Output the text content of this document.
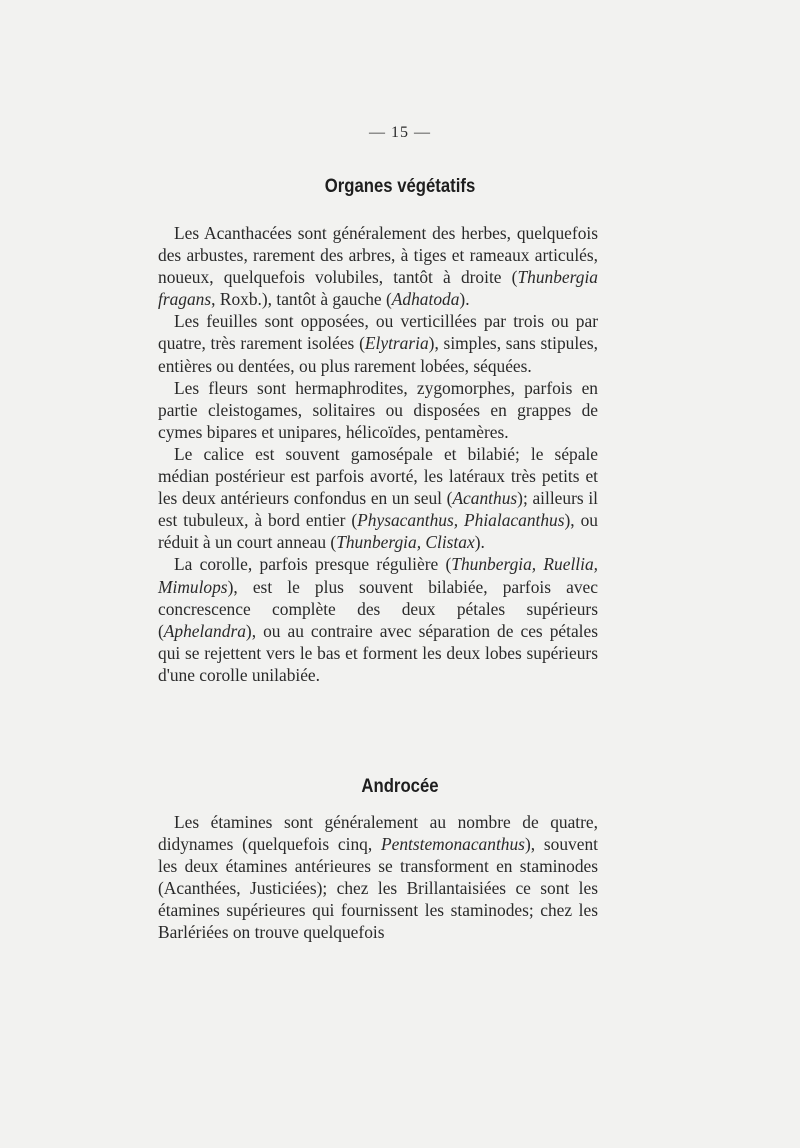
— 15 —
Organes végétatifs

Les Acanthacées sont généralement des herbes, quelquefois des arbustes, rarement des arbres, à tiges et rameaux articulés, noueux, quelquefois volubiles, tantôt à droite (Thunbergia fragans, Roxb.), tantôt à gauche (Adhatoda).

Les feuilles sont opposées, ou verticillées par trois ou par quatre, très rarement isolées (Elytraria), simples, sans stipules, entières ou dentées, ou plus rarement lobées, séquées.

Les fleurs sont hermaphrodites, zygomorphes, parfois en partie cleistogames, solitaires ou disposées en grappes de cymes bipares et unipares, hélicoïdes, pentamères.

Le calice est souvent gamosépale et bilabié; le sépale médian postérieur est parfois avorté, les latéraux très petits et les deux antérieurs confondus en un seul (Acanthus); ailleurs il est tubuleux, à bord entier (Physacanthus, Phialacanthus), ou réduit à un court anneau (Thunbergia, Clistax).

La corolle, parfois presque régulière (Thunbergia, Ruellia, Mimulops), est le plus souvent bilabiée, parfois avec concrescence complète des deux pétales supérieurs (Aphelandra), ou au contraire avec séparation de ces pétales qui se rejettent vers le bas et forment les deux lobes supérieurs d'une corolle unilabiée.

Androcée

Les étamines sont généralement au nombre de quatre, didynames (quelquefois cinq, Pentstemonacanthus), souvent les deux étamines antérieures se transforment en staminodes (Acanthées, Justiciées); chez les Brillantaisiées ce sont les étamines supérieures qui fournissent les staminodes; chez les Barlériées on trouve quelquefois
